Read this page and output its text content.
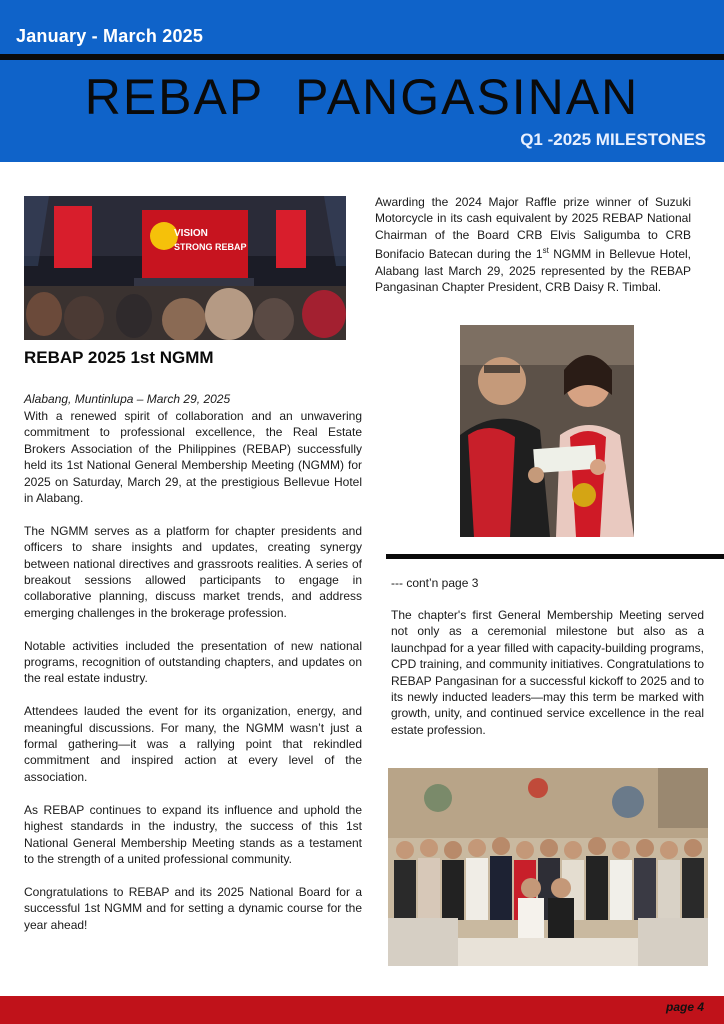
January - March 2025
REBAP  PANGASINAN
Q1 -2025 MILESTONES
VISION
STRONG REBAP
REBAP 2025 1st NGMM
Alabang, Muntinlupa – March 29, 2025

With a renewed spirit of collaboration and an unwavering commitment to professional excellence, the Real Estate Brokers Association of the Philippines (REBAP) successfully held its 1st National General Membership Meeting (NGMM) for 2025 on Saturday, March 29, at the prestigious Bellevue Hotel in Alabang.

The NGMM serves as a platform for chapter presidents and officers to share insights and updates, creating synergy between national directives and grassroots realities. A series of breakout sessions allowed participants to engage in collaborative planning, discuss market trends, and address emerging challenges in the brokerage profession.

Notable activities included the presentation of new national programs, recognition of outstanding chapters, and updates on the real estate industry.

Attendees lauded the event for its organization, energy, and meaningful discussions. For many, the NGMM wasn’t just a formal gathering—it was a rallying point that rekindled commitment and inspired action at every level of the association.

As REBAP continues to expand its influence and uphold the highest standards in the industry, the success of this 1st National General Membership Meeting stands as a testament to the strength of a united professional community.

Congratulations to REBAP and its 2025 National Board for a successful 1st NGMM and for setting a dynamic course for the year ahead!

Awarding the 2024 Major Raffle prize winner of Suzuki Motorcycle in its cash equivalent by 2025 REBAP National Chairman of the Board CRB Elvis Saligumba to CRB Bonifacio Batecan during the 1st NGMM in Bellevue Hotel, Alabang last March 29, 2025 represented by the REBAP Pangasinan Chapter President, CRB Daisy R. Timbal.

--- cont’n page 3

The chapter's first General Membership Meeting served not only as a ceremonial milestone but also as a launchpad for a year filled with capacity-building programs, CPD training, and community initiatives. Congratulations to REBAP Pangasinan for a successful kickoff to 2025 and to its newly inducted leaders—may this term be marked with growth, unity, and continued service excellence in the real estate profession.

page 4
